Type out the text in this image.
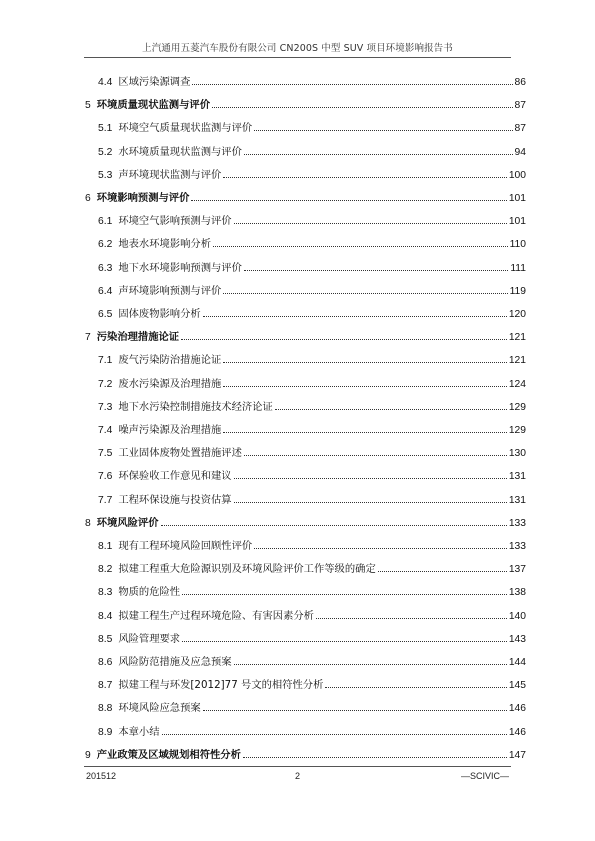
上汽通用五菱汽车股份有限公司 CN200S 中型 SUV 项目环境影响报告书
4.4 区域污染源调查	86
5 环境质量现状监测与评价	87
5.1 环境空气质量现状监测与评价	87
5.2 水环境质量现状监测与评价	94
5.3 声环境现状监测与评价	100
6 环境影响预测与评价	101
6.1 环境空气影响预测与评价	101
6.2 地表水环境影响分析	110
6.3 地下水环境影响预测与评价	111
6.4 声环境影响预测与评价	119
6.5 固体废物影响分析	120
7 污染治理措施论证	121
7.1 废气污染防治措施论证	121
7.2 废水污染源及治理措施	124
7.3 地下水污染控制措施技术经济论证	129
7.4 噪声污染源及治理措施	129
7.5 工业固体废物处置措施评述	130
7.6 环保验收工作意见和建议	131
7.7 工程环保设施与投资估算	131
8 环境风险评价	133
8.1 现有工程环境风险回顾性评价	133
8.2 拟建工程重大危险源识别及环境风险评价工作等级的确定	137
8.3 物质的危险性	138
8.4 拟建工程生产过程环境危险、有害因素分析	140
8.5 风险管理要求	143
8.6 风险防范措施及应急预案	144
8.7 拟建工程与环发[2012]77 号文的相符性分析	145
8.8 环境风险应急预案	146
8.9 本章小结	146
9 产业政策及区域规划相符性分析	147
201512	2	—SCIVIC—
